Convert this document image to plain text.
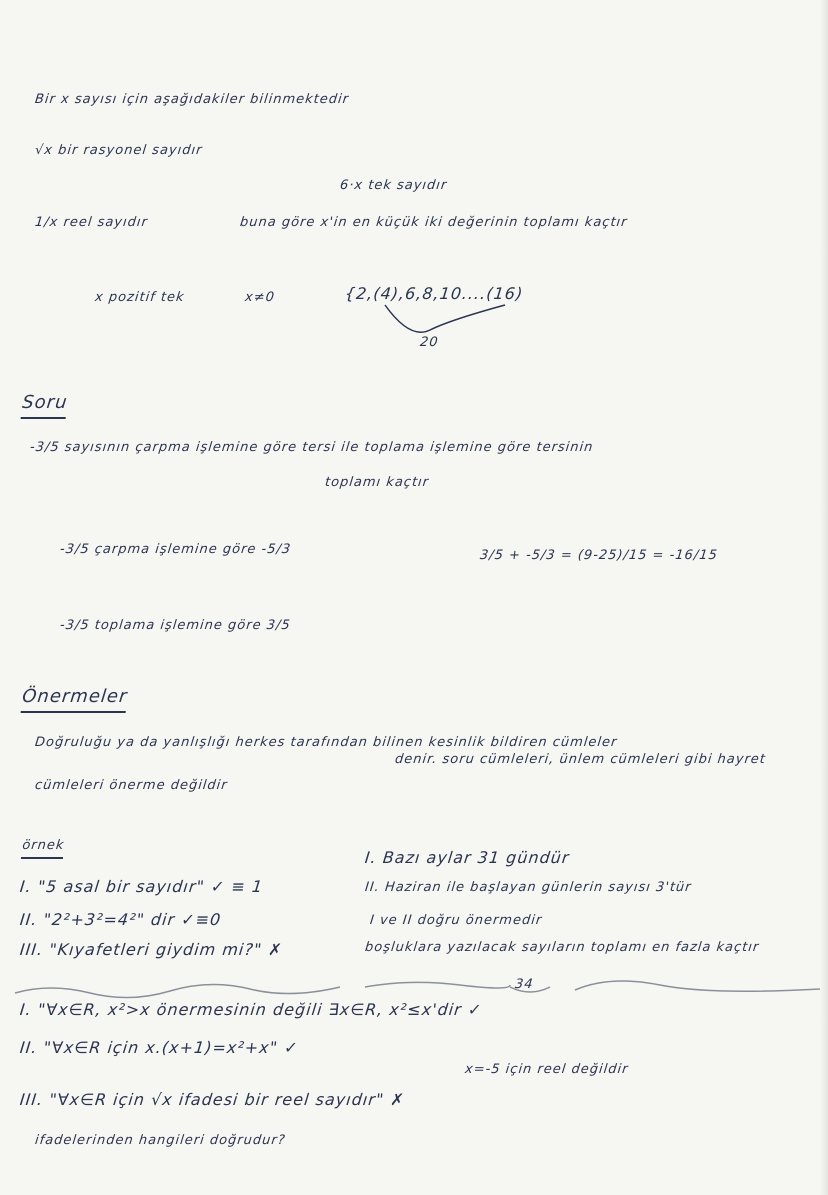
Bir x sayısı için aşağıdakiler bilinmektedir
√x bir rasyonel sayıdır
6·x tek sayıdır
1/x reel sayıdır	buna göre x'in en küçük iki değerinin toplamı kaçtır
x pozitif tek	x≠0	{2,(4),6,8,10....(16)
20
Soru
-3/5 sayısının çarpma işlemine göre tersi ile toplama işlemine göre tersinin
toplamı kaçtır
-3/5 çarpma işlemine göre -5/3	3/5 + -5/3 = (9-25)/15 = -16/15
-3/5 toplama işlemine göre 3/5
Önermeler
Doğruluğu ya da yanlışlığı herkes tarafından bilinen kesinlik bildiren cümleler
denir. soru cümleleri, ünlem cümleleri gibi hayret
cümleleri önerme değildir
örnek
I. "5 asal bir sayıdır" ✓ ≡ 1
II. "2²+3²=4²" dir ✓≡0
III. "Kıyafetleri giydim mi?" ✗
I. Bazı aylar 31 gündür
II. Haziran ile başlayan günlerin sayısı 3'tür
I ve II doğru önermedir
boşluklara yazılacak sayıların toplamı en fazla kaçtır
34
I. "∀x∈R, x²>x önermesinin değili ∃x∈R, x²≤x'dir ✓
II. "∀x∈R için x.(x+1)=x²+x" ✓
x=-5 için reel değildir
III. "∀x∈R için √x ifadesi bir reel sayıdır" ✗
ifadelerinden hangileri doğrudur?
